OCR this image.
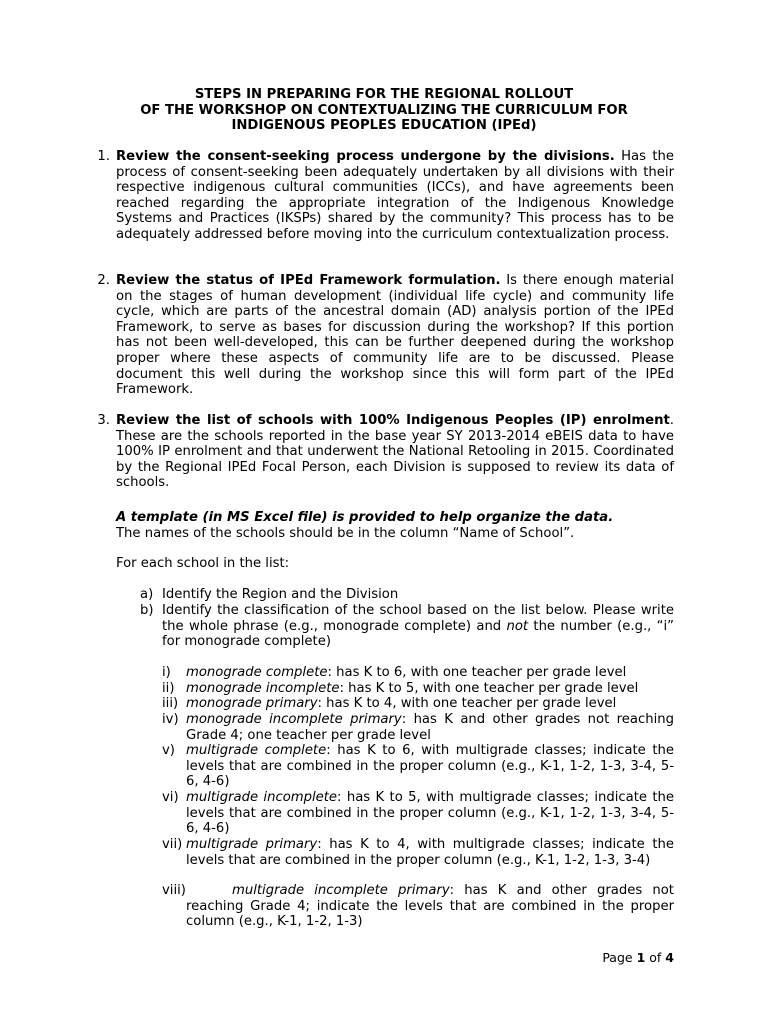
STEPS IN PREPARING FOR THE REGIONAL ROLLOUT
OF THE WORKSHOP ON CONTEXTUALIZING THE CURRICULUM FOR
INDIGENOUS PEOPLES EDUCATION (IPEd)
1. Review the consent-seeking process undergone by the divisions. Has the process of consent-seeking been adequately undertaken by all divisions with their respective indigenous cultural communities (ICCs), and have agreements been reached regarding the appropriate integration of the Indigenous Knowledge Systems and Practices (IKSPs) shared by the community? This process has to be adequately addressed before moving into the curriculum contextualization process.
2. Review the status of IPEd Framework formulation. Is there enough material on the stages of human development (individual life cycle) and community life cycle, which are parts of the ancestral domain (AD) analysis portion of the IPEd Framework, to serve as bases for discussion during the workshop? If this portion has not been well-developed, this can be further deepened during the workshop proper where these aspects of community life are to be discussed. Please document this well during the workshop since this will form part of the IPEd Framework.
3. Review the list of schools with 100% Indigenous Peoples (IP) enrolment. These are the schools reported in the base year SY 2013-2014 eBEIS data to have 100% IP enrolment and that underwent the National Retooling in 2015. Coordinated by the Regional IPEd Focal Person, each Division is supposed to review its data of schools.
A template (in MS Excel file) is provided to help organize the data.
The names of the schools should be in the column “Name of School”.
For each school in the list:
a) Identify the Region and the Division
b) Identify the classification of the school based on the list below. Please write the whole phrase (e.g., monograde complete) and not the number (e.g., “i” for monograde complete)
i) monograde complete: has K to 6, with one teacher per grade level
ii) monograde incomplete: has K to 5, with one teacher per grade level
iii) monograde primary: has K to 4, with one teacher per grade level
iv) monograde incomplete primary: has K and other grades not reaching Grade 4; one teacher per grade level
v) multigrade complete: has K to 6, with multigrade classes; indicate the levels that are combined in the proper column (e.g., K-1, 1-2, 1-3, 3-4, 5-6, 4-6)
vi) multigrade incomplete: has K to 5, with multigrade classes; indicate the levels that are combined in the proper column (e.g., K-1, 1-2, 1-3, 3-4, 5-6, 4-6)
vii) multigrade primary: has K to 4, with multigrade classes; indicate the levels that are combined in the proper column (e.g., K-1, 1-2, 1-3, 3-4)
viii)	multigrade incomplete primary: has K and other grades not reaching Grade 4; indicate the levels that are combined in the proper column (e.g., K-1, 1-2, 1-3)
Page 1 of 4
